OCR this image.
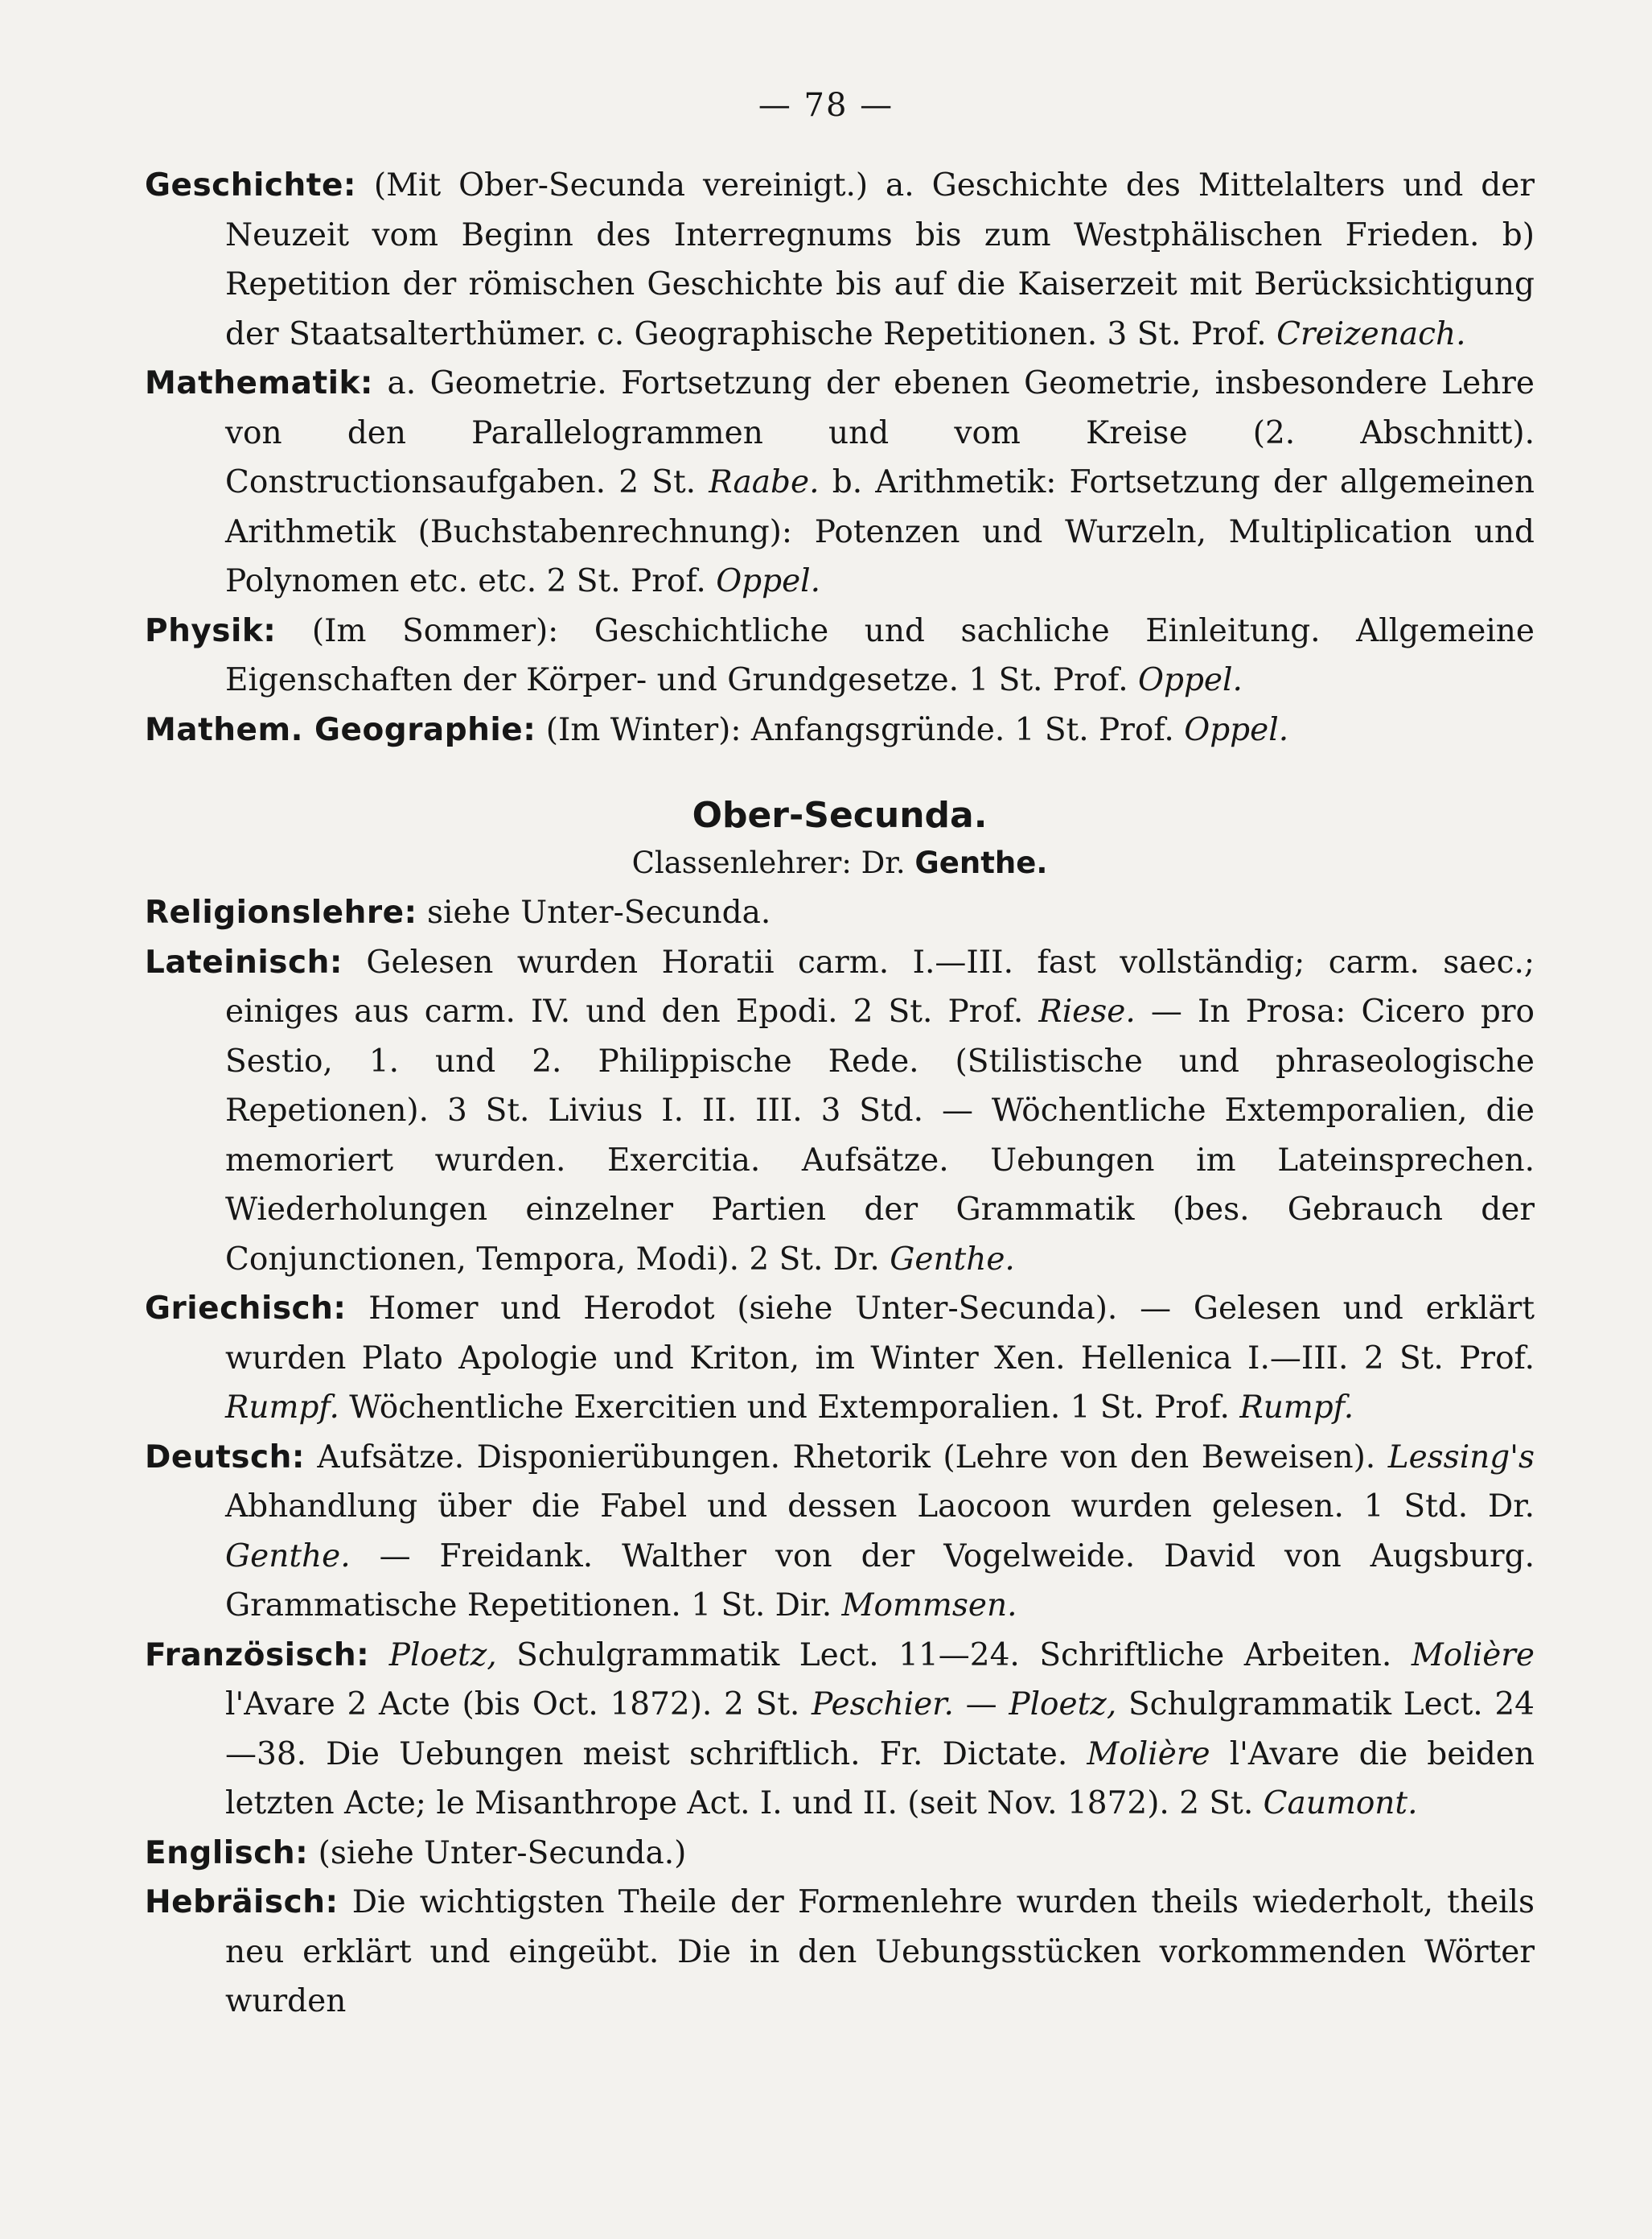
— 78 —
Geschichte: (Mit Ober-Secunda vereinigt.) a. Geschichte des Mittelalters und der Neuzeit vom Beginn des Interregnums bis zum Westphälischen Frieden. b) Repetition der römischen Geschichte bis auf die Kaiserzeit mit Berücksichtigung der Staatsalterthümer. c. Geographische Repetitionen. 3 St. Prof. Creizenach.
Mathematik: a. Geometrie. Fortsetzung der ebenen Geometrie, insbesondere Lehre von den Parallelogrammen und vom Kreise (2. Abschnitt). Constructionsaufgaben. 2 St. Raabe. b. Arithmetik: Fortsetzung der allgemeinen Arithmetik (Buchstabenrechnung): Potenzen und Wurzeln, Multiplication und Polynomen etc. etc. 2 St. Prof. Oppel.
Physik: (Im Sommer): Geschichtliche und sachliche Einleitung. Allgemeine Eigenschaften der Körper- und Grundgesetze. 1 St. Prof. Oppel.
Mathem. Geographie: (Im Winter): Anfangsgründe. 1 St. Prof. Oppel.
Ober-Secunda.
Classenlehrer: Dr. Genthe.
Religionslehre: siehe Unter-Secunda.
Lateinisch: Gelesen wurden Horatii carm. I.—III. fast vollständig; carm. saec.; einiges aus carm. IV. und den Epodi. 2 St. Prof. Riese. — In Prosa: Cicero pro Sestio, 1. und 2. Philippische Rede. (Stilistische und phraseologische Repetionen). 3 St. Livius I. II. III. 3 Std. — Wöchentliche Extemporalien, die memoriert wurden. Exercitia. Aufsätze. Uebungen im Lateinsprechen. Wiederholungen einzelner Partien der Grammatik (bes. Gebrauch der Conjunctionen, Tempora, Modi). 2 St. Dr. Genthe.
Griechisch: Homer und Herodot (siehe Unter-Secunda). — Gelesen und erklärt wurden Plato Apologie und Kriton, im Winter Xen. Hellenica I.—III. 2 St. Prof. Rumpf. Wöchentliche Exercitien und Extemporalien. 1 St. Prof. Rumpf.
Deutsch: Aufsätze. Disponierübungen. Rhetorik (Lehre von den Beweisen). Lessing's Abhandlung über die Fabel und dessen Laocoon wurden gelesen. 1 Std. Dr. Genthe. — Freidank. Walther von der Vogelweide. David von Augsburg. Grammatische Repetitionen. 1 St. Dir. Mommsen.
Französisch: Ploetz, Schulgrammatik Lect. 11—24. Schriftliche Arbeiten. Molière l'Avare 2 Acte (bis Oct. 1872). 2 St. Peschier. — Ploetz, Schulgrammatik Lect. 24—38. Die Uebungen meist schriftlich. Fr. Dictate. Molière l'Avare die beiden letzten Acte; le Misanthrope Act. I. und II. (seit Nov. 1872). 2 St. Caumont.
Englisch: (siehe Unter-Secunda.)
Hebräisch: Die wichtigsten Theile der Formenlehre wurden theils wiederholt, theils neu erklärt und eingeübt. Die in den Uebungsstücken vorkommenden Wörter wurden
